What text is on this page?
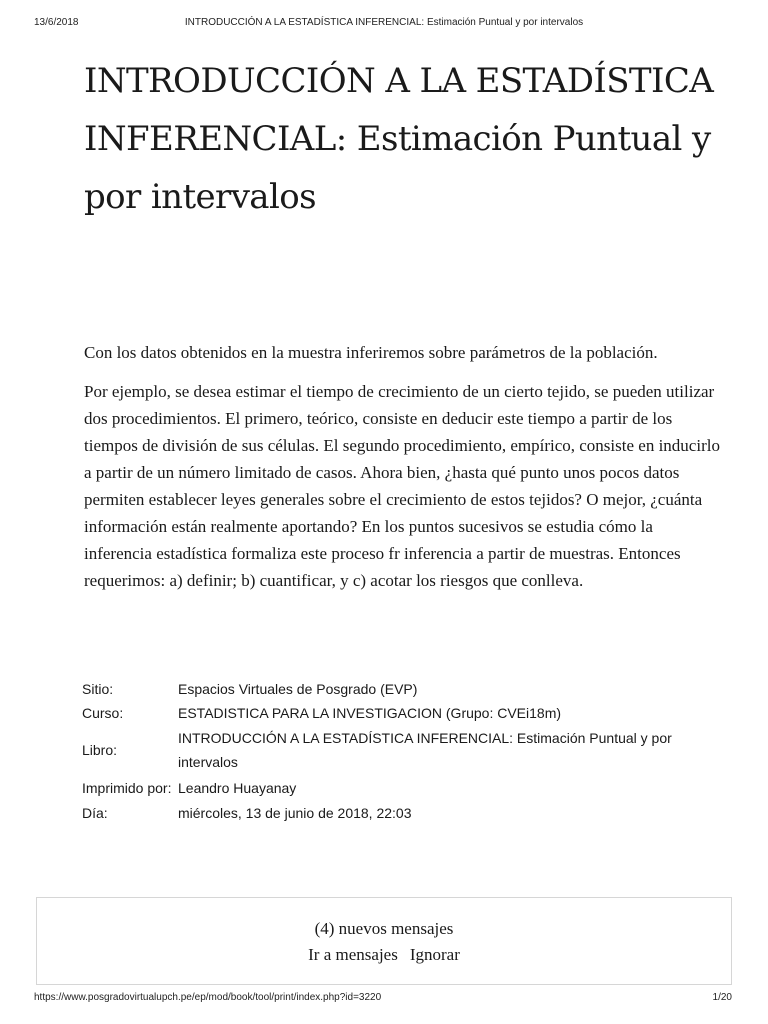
13/6/2018	INTRODUCCIÓN A LA ESTADÍSTICA INFERENCIAL: Estimación Puntual y por intervalos
INTRODUCCIÓN A LA ESTADÍSTICA INFERENCIAL: Estimación Puntual y por intervalos

Con los datos obtenidos en la muestra inferiremos sobre parámetros de la población.

Por ejemplo, se desea estimar el tiempo de crecimiento de un cierto tejido, se pueden utilizar dos procedimientos. El primero, teórico, consiste en deducir este tiempo a partir de los tiempos de división de sus células. El segundo procedimiento, empírico, consiste en inducirlo a partir de un número limitado de casos. Ahora bien, ¿hasta qué punto unos pocos datos permiten establecer leyes generales sobre el crecimiento de estos tejidos? O mejor, ¿cuánta información están realmente aportando? En los puntos sucesivos se estudia cómo la inferencia estadística formaliza este proceso fr inferencia a partir de muestras. Entonces requerimos: a) definir; b) cuantificar, y c) acotar los riesgos que conlleva.

Sitio:	Espacios Virtuales de Posgrado (EVP)
Curso:	ESTADISTICA PARA LA INVESTIGACION (Grupo: CVEi18m)
Libro:	INTRODUCCIÓN A LA ESTADÍSTICA INFERENCIAL: Estimación Puntual y por intervalos
Imprimido por:	Leandro Huayanay
Día:	miércoles, 13 de junio de 2018, 22:03
(4) nuevos mensajes
Ir a mensajes Ignorar
https://www.posgradovirtualupch.pe/ep/mod/book/tool/print/index.php?id=3220	1/20
